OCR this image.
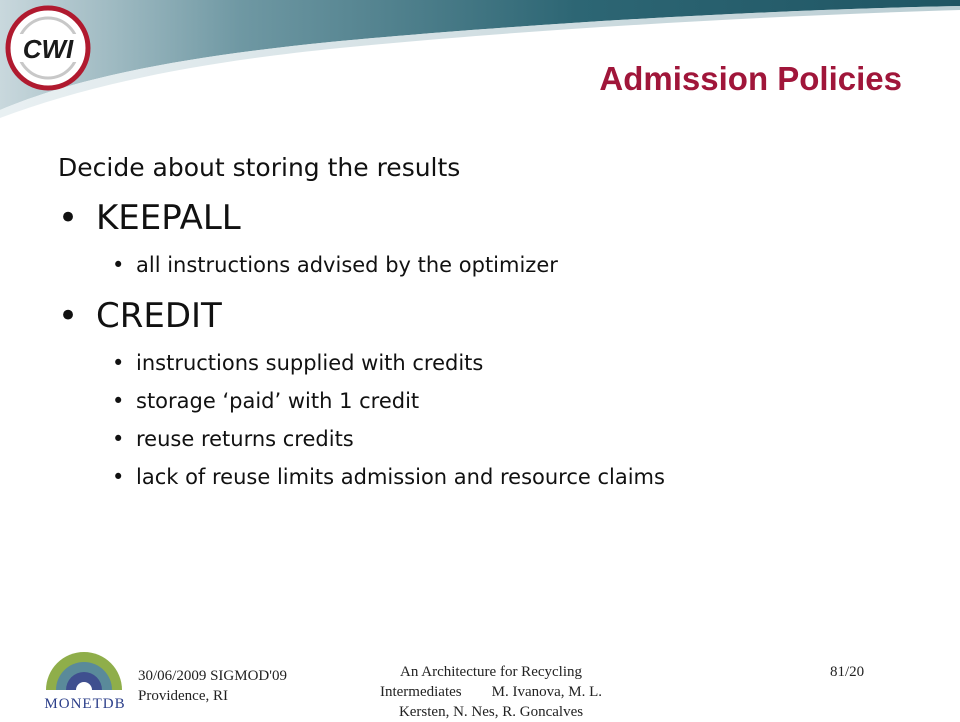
CWI
Admission Policies

Decide about storing the results

• KEEPALL
• all instructions advised by the optimizer
• CREDIT
• instructions supplied with credits
• storage ‘paid’ with 1 credit
• reuse returns credits
• lack of reuse limits admission and resource claims
MONETDB
30/06/2009 SIGMOD'09
Providence, RI
An Architecture for Recycling
Intermediates        M. Ivanova, M. L.
Kersten, N. Nes, R. Goncalves
81/20
